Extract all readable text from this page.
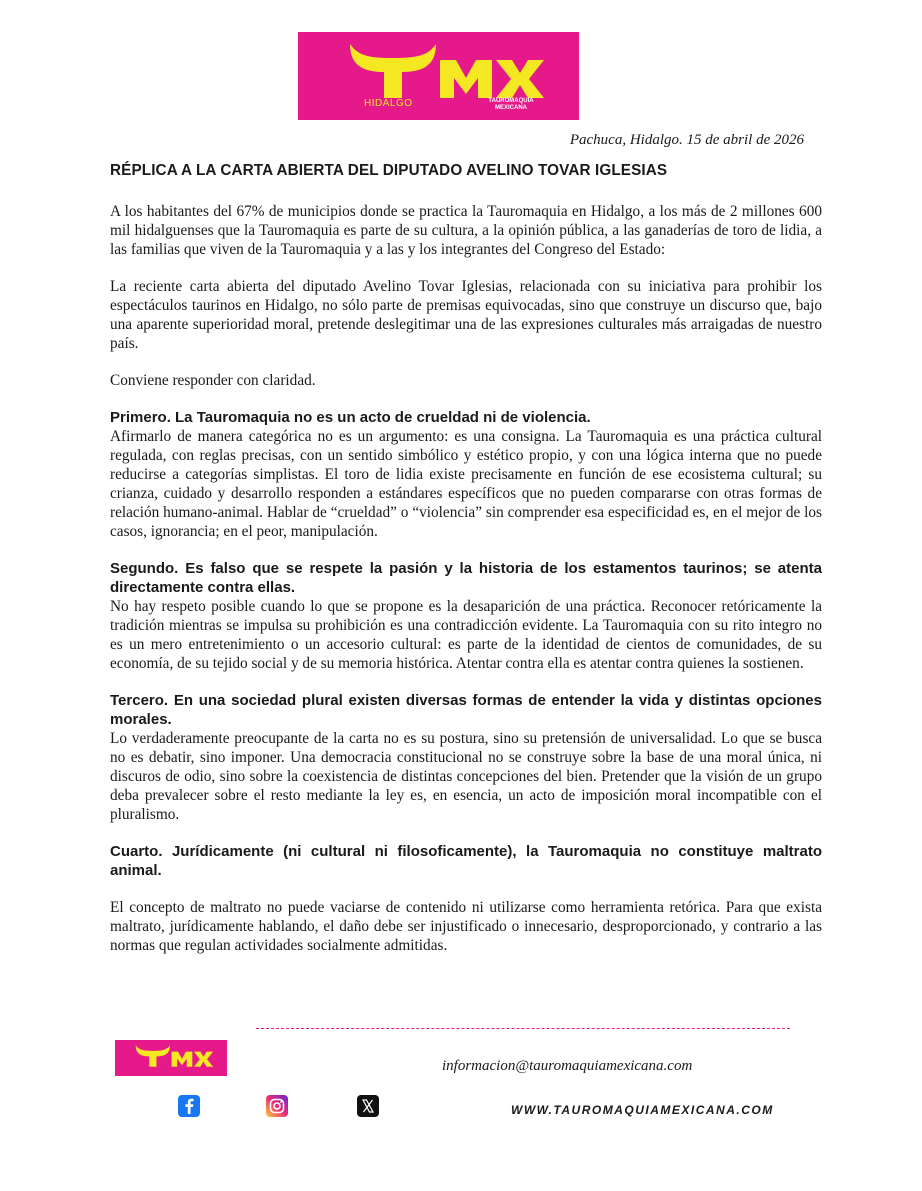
HIDALGO	TAUROMAQUIA MEXICANA
Pachuca, Hidalgo. 15 de abril de 2026
RÉPLICA A LA CARTA ABIERTA DEL DIPUTADO AVELINO TOVAR IGLESIAS

A los habitantes del 67% de municipios donde se practica la Tauromaquia en Hidalgo, a los más de 2 millones 600 mil hidalguenses que la Tauromaquia es parte de su cultura, a la opinión pública, a las ganaderías de toro de lidia, a las familias que viven de la Tauromaquia y a las y los integrantes del Congreso del Estado:

La reciente carta abierta del diputado Avelino Tovar Iglesias, relacionada con su iniciativa para prohibir los espectáculos taurinos en Hidalgo, no sólo parte de premisas equivocadas, sino que construye un discurso que, bajo una aparente superioridad moral, pretende deslegitimar una de las expresiones culturales más arraigadas de nuestro país.

Conviene responder con claridad.

Primero. La Tauromaquia no es un acto de crueldad ni de violencia.

Afirmarlo de manera categórica no es un argumento: es una consigna. La Tauromaquia es una práctica cultural regulada, con reglas precisas, con un sentido simbólico y estético propio, y con una lógica interna que no puede reducirse a categorías simplistas. El toro de lidia existe precisamente en función de ese ecosistema cultural; su crianza, cuidado y desarrollo responden a estándares específicos que no pueden compararse con otras formas de relación humano-animal. Hablar de “crueldad” o “violencia” sin comprender esa especificidad es, en el mejor de los casos, ignorancia; en el peor, manipulación.

Segundo. Es falso que se respete la pasión y la historia de los estamentos taurinos; se atenta directamente contra ellas.

No hay respeto posible cuando lo que se propone es la desaparición de una práctica. Reconocer retóricamente la tradición mientras se impulsa su prohibición es una contradicción evidente. La Tauromaquia con su rito integro no es un mero entretenimiento o un accesorio cultural: es parte de la identidad de cientos de comunidades, de su economía, de su tejido social y de su memoria histórica. Atentar contra ella es atentar contra quienes la sostienen.

Tercero. En una sociedad plural existen diversas formas de entender la vida y distintas opciones morales.

Lo verdaderamente preocupante de la carta no es su postura, sino su pretensión de universalidad. Lo que se busca no es debatir, sino imponer. Una democracia constitucional no se construye sobre la base de una moral única, ni discuros de odio, sino sobre la coexistencia de distintas concepciones del bien. Pretender que la visión de un grupo deba prevalecer sobre el resto mediante la ley es, en esencia, un acto de imposición moral incompatible con el pluralismo.

Cuarto. Jurídicamente (ni cultural ni filosoficamente), la Tauromaquia no constituye maltrato animal.

El concepto de maltrato no puede vaciarse de contenido ni utilizarse como herramienta retórica. Para que exista maltrato, jurídicamente hablando, el daño debe ser injustificado o innecesario, desproporcionado, y contrario a las normas que regulan actividades socialmente admitidas.

informacion@tauromaquiamexicana.com
WWW.TAUROMAQUIAMEXICANA.COM
